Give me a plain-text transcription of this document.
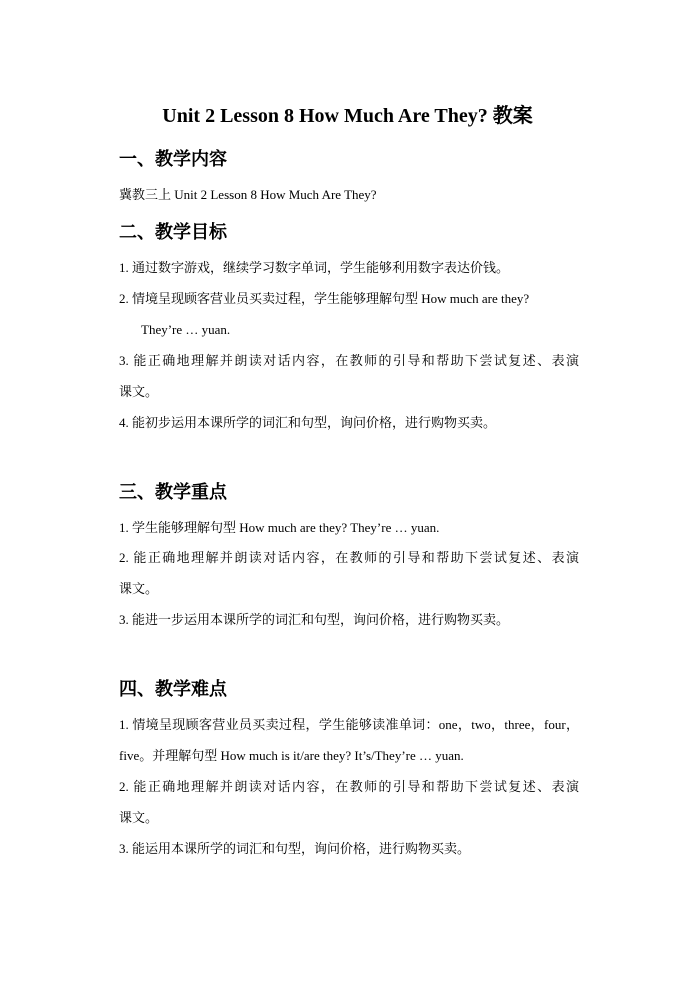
Unit 2 Lesson 8 How Much Are They? 教案
一、教学内容

冀教三上 Unit 2 Lesson 8 How Much Are They?

二、教学目标

1. 通过数字游戏，继续学习数字单词，学生能够利用数字表达价钱。

2. 情境呈现顾客营业员买卖过程，学生能够理解句型 How much are they?

They’re … yuan.

3. 能正确地理解并朗读对话内容，在教师的引导和帮助下尝试复述、表演

课文。

4. 能初步运用本课所学的词汇和句型，询问价格，进行购物买卖。

三、教学重点

1. 学生能够理解句型 How much are they? They’re … yuan.

2. 能正确地理解并朗读对话内容，在教师的引导和帮助下尝试复述、表演

课文。

3. 能进一步运用本课所学的词汇和句型，询问价格，进行购物买卖。

四、教学难点

1. 情境呈现顾客营业员买卖过程，学生能够读准单词：one，two，three，four，

five。并理解句型 How much is it/are they? It’s/They’re … yuan.

2. 能正确地理解并朗读对话内容，在教师的引导和帮助下尝试复述、表演

课文。

3. 能运用本课所学的词汇和句型，询问价格，进行购物买卖。
